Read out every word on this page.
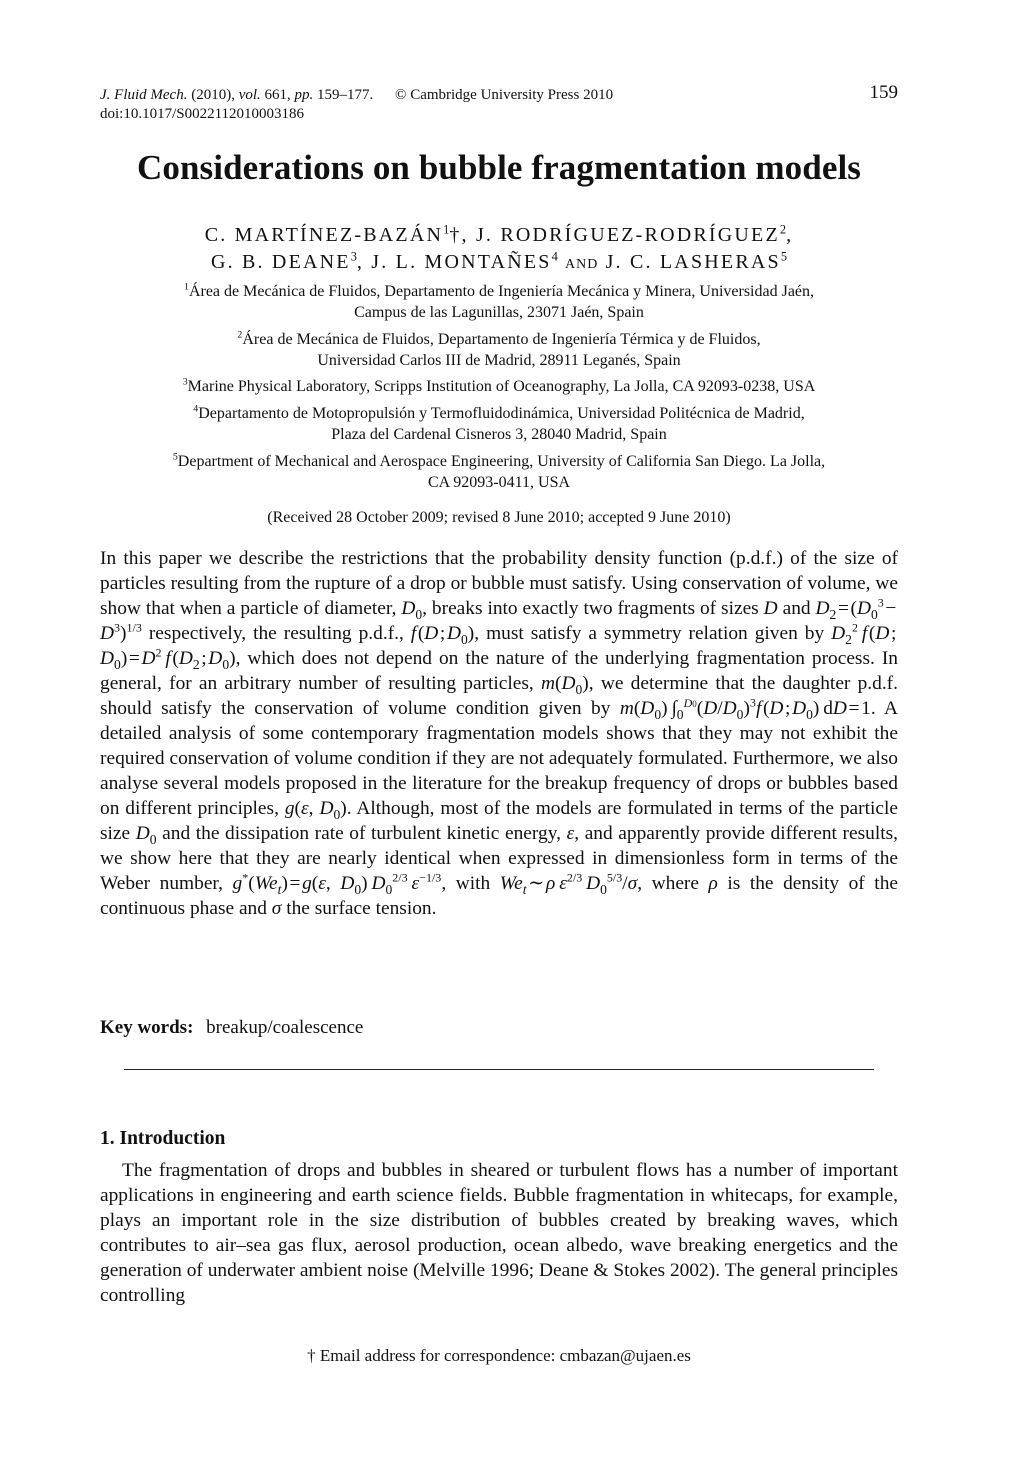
J. Fluid Mech. (2010), vol. 661, pp. 159–177. © Cambridge University Press 2010	159
doi:10.1017/S0022112010003186
Considerations on bubble fragmentation models
C. MARTÍNEZ-BAZÁN$^1$†, J. RODRÍGUEZ-RODRÍGUEZ$^2$,
G. B. DEANE$^3$, J. L. MONTAÑES$^4$ AND J. C. LASHERAS$^5$
$^1$Área de Mecánica de Fluidos, Departamento de Ingeniería Mecánica y Minera, Universidad Jaén,
Campus de las Lagunillas, 23071 Jaén, Spain
$^2$Área de Mecánica de Fluidos, Departamento de Ingeniería Térmica y de Fluidos,
Universidad Carlos III de Madrid, 28911 Leganés, Spain
$^3$Marine Physical Laboratory, Scripps Institution of Oceanography, La Jolla, CA 92093-0238, USA
$^4$Departamento de Motopropulsión y Termofluidodinámica, Universidad Politécnica de Madrid,
Plaza del Cardenal Cisneros 3, 28040 Madrid, Spain
$^5$Department of Mechanical and Aerospace Engineering, University of California San Diego. La Jolla,
CA 92093-0411, USA
(Received 28 October 2009; revised 8 June 2010; accepted 9 June 2010)

In this paper we describe the restrictions that the probability density function (p.d.f.) of the size of particles resulting from the rupture of a drop or bubble must satisfy. Using conservation of volume, we show that when a particle of diameter, $D_0$, breaks into exactly two fragments of sizes D and $D_2$ = ($D_0^3$ − $D^3)^{1/3}$ respectively, the resulting p.d.f., f (D ; $D_0$), must satisfy a symmetry relation given by $D_2^2$  f (D ; $D_0$) = $D^2$  f ($D_2$ ; $D_0$), which does not depend on the nature of the underlying fragmentation process. In general, for an arbitrary number of resulting particles, $m(D_0)$, we determine that the daughter p.d.f. should satisfy the conservation of volume condition given by $m(D_0)$ $\int_0^{D0}(D/D_0)^3f$ (D ; $D_0$) dD = 1. A detailed analysis of some contemporary fragmentation models shows that they may not exhibit the required conservation of volume condition if they are not adequately formulated. Furthermore, we also analyse several models proposed in the literature for the breakup frequency of drops or bubbles based on different principles, g(ε, $D_0$). Although, most of the models are formulated in terms of the particle size $D_0$ and the dissipation rate of turbulent kinetic energy, ε, and apparently provide different results, we show here that they are nearly identical when expressed in dimensionless form in terms of the Weber number, $g^*(We_t)$ = g(ε, $D_0$) $D_0^{2/3}$  $\varepsilon^{-1/3}$, with $We_t$ ∼ ρ  $\varepsilon^{2/3}$  $D_0^{5/3}/\sigma$, where ρ is the density of the continuous phase and σ the surface tension.

Key words: breakup/coalescence
1. Introduction

The fragmentation of drops and bubbles in sheared or turbulent flows has a number of important applications in engineering and earth science fields. Bubble fragmentation in whitecaps, for example, plays an important role in the size distribution of bubbles created by breaking waves, which contributes to air–sea gas flux, aerosol production, ocean albedo, wave breaking energetics and the generation of underwater ambient noise (Melville 1996; Deane & Stokes 2002). The general principles controlling

† Email address for correspondence: cmbazan@ujaen.es
